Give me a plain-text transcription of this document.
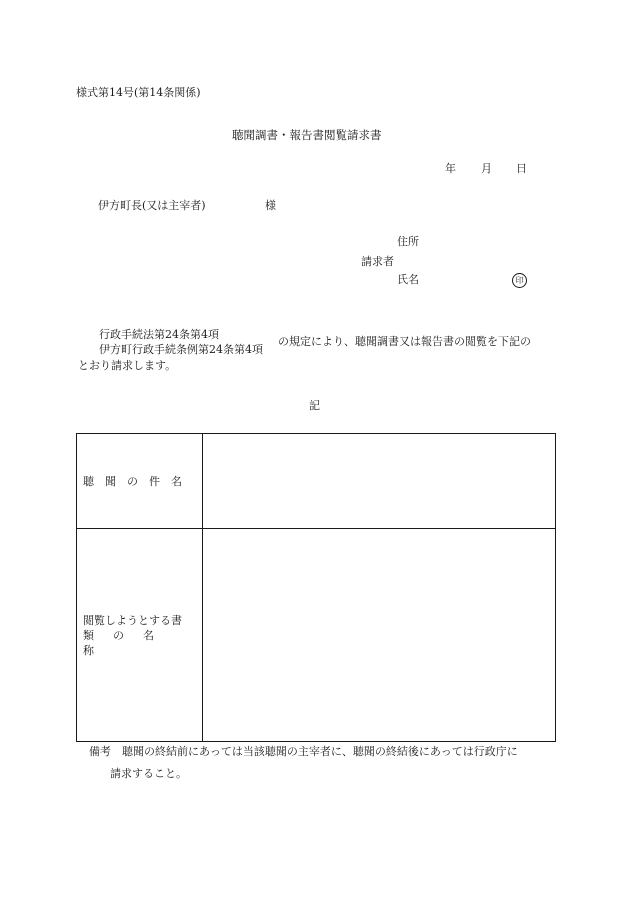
様式第14号(第14条関係)
聴聞調書・報告書閲覧請求書
年 月 日
伊方町長(又は主宰者)	様
住所
請求者
氏名	印
行政手続法第24条第4項
伊方町行政手続条例第24条第4項
の規定により、聴聞調書又は報告書の閲覧を下記の
とおり請求します。
記
聴聞の件名	

閲覧しようとする書
類の名称	

備考 聴聞の終結前にあっては当該聴聞の主宰者に、聴聞の終結後にあっては行政庁に
請求すること。
